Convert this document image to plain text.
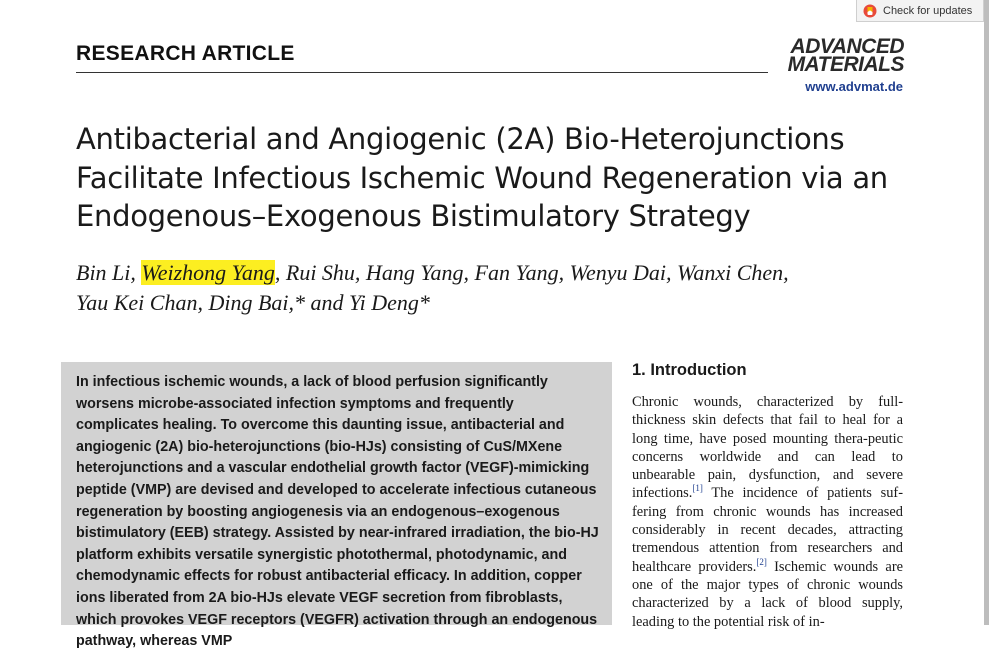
Check for updates
RESEARCH ARTICLE	ADVANCED
MATERIALS
www.advmat.de
Antibacterial and Angiogenic (2A) Bio-Heterojunctions Facilitate Infectious Ischemic Wound Regeneration via an Endogenous–Exogenous Bistimulatory Strategy
Bin Li, Weizhong Yang, Rui Shu, Hang Yang, Fan Yang, Wenyu Dai, Wanxi Chen,
Yau Kei Chan, Ding Bai,* and Yi Deng*

In infectious ischemic wounds, a lack of blood perfusion significantly worsens microbe-associated infection symptoms and frequently complicates healing. To overcome this daunting issue, antibacterial and angiogenic (2A) bio-heterojunctions (bio-HJs) consisting of CuS/MXene heterojunctions and a vascular endothelial growth factor (VEGF)-mimicking peptide (VMP) are devised and developed to accelerate infectious cutaneous regeneration by boosting angiogenesis via an endogenous–exogenous bistimulatory (EEB) strategy. Assisted by near-infrared irradiation, the bio-HJ platform exhibits versatile synergistic photothermal, photodynamic, and chemodynamic effects for robust antibacterial efficacy. In addition, copper ions liberated from 2A bio-HJs elevate VEGF secretion from fibroblasts, which provokes VEGF receptors (VEGFR) activation through an endogenous pathway, whereas VMP

1. Introduction

Chronic wounds, characterized by full-thickness skin defects that fail to heal for a long time, have posed mounting thera-peutic concerns worldwide and can lead to unbearable pain, dysfunction, and severe infections.[1] The incidence of patients suf-fering from chronic wounds has increased considerably in recent decades, attracting tremendous attention from researchers and healthcare providers.[2] Ischemic wounds are one of the major types of chronic wounds characterized by a lack of blood supply, leading to the potential risk of in-
